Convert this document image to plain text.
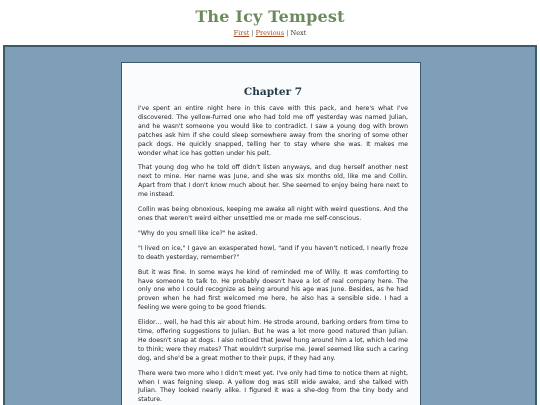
The Icy Tempest
First | Previous | Next
Chapter 7

I've spent an entire night here in this cave with this pack, and here's what I've discovered. The yellow-furred one who had told me off yesterday was named Julian, and he wasn't someone you would like to contradict. I saw a young dog with brown patches ask him if she could sleep somewhere away from the snoring of some other pack dogs. He quickly snapped, telling her to stay where she was. It makes me wonder what ice has gotten under his pelt.

That young dog who he told off didn't listen anyways, and dug herself another nest next to mine. Her name was June, and she was six months old, like me and Collin. Apart from that I don't know much about her. She seemed to enjoy being here next to me instead.

Collin was being obnoxious, keeping me awake all night with weird questions. And the ones that weren't weird either unsettled me or made me self-conscious.

"Why do you smell like ice?" he asked.

"I lived on ice," I gave an exasperated howl, "and if you haven't noticed, I nearly froze to death yesterday, remember?"

But it was fine. In some ways he kind of reminded me of Willy. It was comforting to have someone to talk to. He probably doesn't have a lot of real company here. The only one who I could recognize as being around his age was June. Besides, as he had proven when he had first welcomed me here, he also has a sensible side. I had a feeling we were going to be good friends.

Elidor… well, he had this air about him. He strode around, barking orders from time to time, offering suggestions to Julian. But he was a lot more good natured than Julian. He doesn't snap at dogs. I also noticed that Jewel hung around him a lot, which led me to think; were they mates? That wouldn't surprise me. Jewel seemed like such a caring dog, and she'd be a great mother to their pups, if they had any.

There were two more who I didn't meet yet. I've only had time to notice them at night, when I was feigning sleep. A yellow dog was still wide awake, and she talked with Julian. They looked nearly alike. I figured it was a she-dog from the tiny body and stature.
